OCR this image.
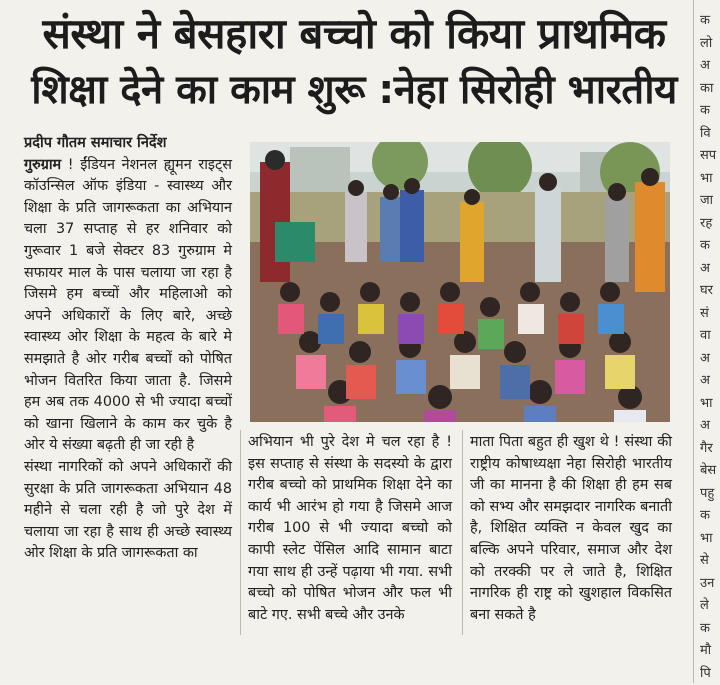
संस्था ने बेसहारा बच्चो को किया प्राथमिक
शिक्षा देने का काम शुरू :नेहा सिरोही भारतीय

प्रदीप गौतम समाचार निर्देश

गुरुग्राम ! ईंडियन नेशनल ह्यूमन राइट्स कॉउन्सिल ऑफ इंडिया - स्वास्थ्य और शिक्षा के प्रति जागरूकता का अभियान चला 37 सप्ताह से हर शनिवार को गुरूवार 1 बजे सेक्टर 83 गुरुग्राम मे सफायर माल के पास चलाया जा रहा है जिसमे हम बच्चों और महिलाओ को अपने अधिकारों के लिए बारे, अच्छे स्वास्थ्य ओर शिक्षा के महत्व के बारे मे समझाते है ओर गरीब बच्चों को पोषित भोजन वितरित किया जाता है. जिसमे हम अब तक 4000 से भी ज्यादा बच्चों को खाना खिलाने के काम कर चुके है ओर ये संख्या बढ़ती ही जा रही है

संस्था नागरिकों को अपने अधिकारों की सुरक्षा के प्रति जागरूकता अभियान 48 महीने से चला रही है जो पुरे देश में चलाया जा रहा है साथ ही अच्छे स्वास्थ्य ओर शिक्षा के प्रति जागरूकता का

अभियान भी पुरे देश मे चल रहा है ! इस सप्ताह से संस्था के सदस्यो के द्वारा गरीब बच्चो को प्राथमिक शिक्षा देने का कार्य भी आरंभ हो गया है जिसमे आज गरीब 100 से भी ज्यादा बच्चो को कापी स्लेट पेंसिल आदि सामान बाटा गया साथ ही उन्हें पढ़ाया भी गया. सभी बच्चो को पोषित भोजन और फल भी बाटे गए. सभी बच्चे और उनके
माता पिता बहुत ही खुश थे ! संस्था की राष्ट्रीय कोषाध्यक्षा नेहा सिरोही भारतीय जी का मानना है की शिक्षा ही हम सब को सभ्य और समझदार नागरिक बनाती है, शिक्षित व्यक्ति न केवल खुद का बल्कि अपने परिवार, समाज और देश को तरक्की पर ले जाते है, शिक्षित नागरिक ही राष्ट्र को खुशहाल विकसित बना सकते है
क
लो
अ
का
क
वि
सप
भा
जा
रह
क
अ
घर
सं
वा
अ
अ
भा
अ
गैर
बेस
पहु
क
भा
से
उन
ले
क
मौ
पि
